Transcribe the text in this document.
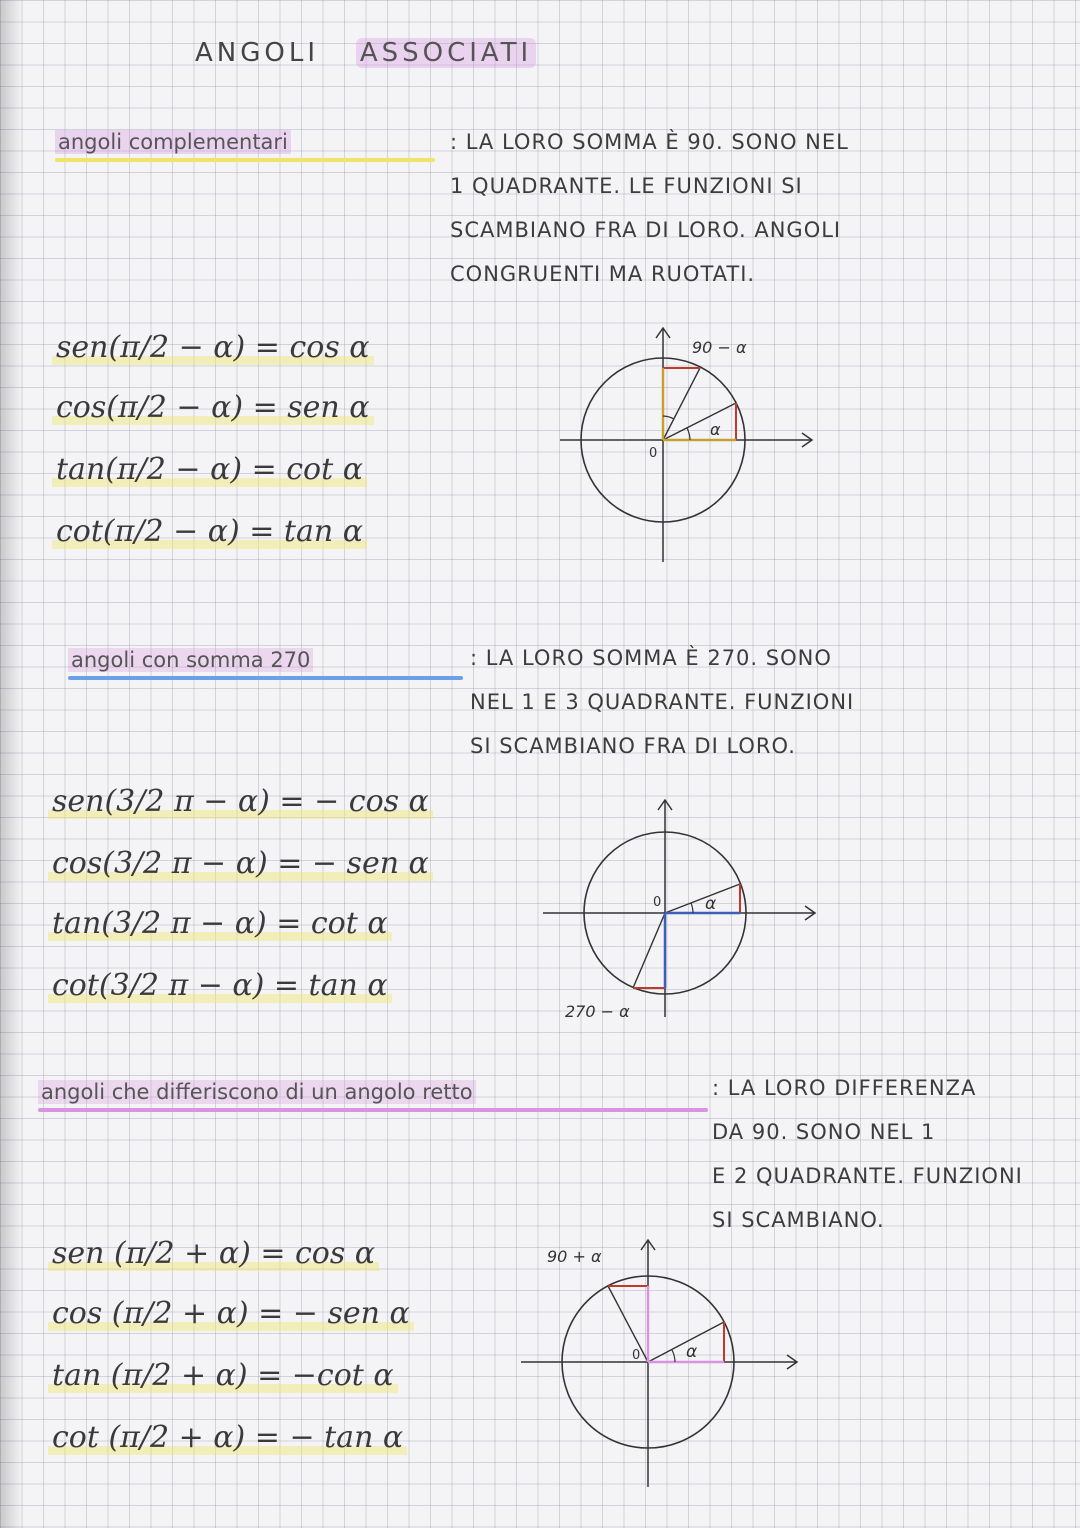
ANGOLI ASSOCIATI
angoli complementari	: LA LORO SOMMA È 90. SONO NEL
1 QUADRANTE. LE FUNZIONI SI
SCAMBIANO FRA DI LORO. ANGOLI
CONGRUENTI MA RUOTATI.
sen(π/2 − α) = cos α
cos(π/2 − α) = sen α
tan(π/2 − α) = cot α
cot(π/2 − α) = tan α
α
90 − α
0
angoli con somma 270	: LA LORO SOMMA È 270. SONO
NEL 1 E 3 QUADRANTE. FUNZIONI
SI SCAMBIANO FRA DI LORO.
sen(3/2 π − α) = − cos α
cos(3/2 π − α) = − sen α
tan(3/2 π − α) = cot α
cot(3/2 π − α) = tan α
α
270 − α
0
angoli che differiscono di un angolo retto	: LA LORO DIFFERENZA
DA 90. SONO NEL 1
E 2 QUADRANTE. FUNZIONI
SI SCAMBIANO.
sen (π/2 + α) = cos α
cos (π/2 + α) = − sen α
tan (π/2 + α) = −cot α
cot (π/2 + α) = − tan α
α
90 + α
0
